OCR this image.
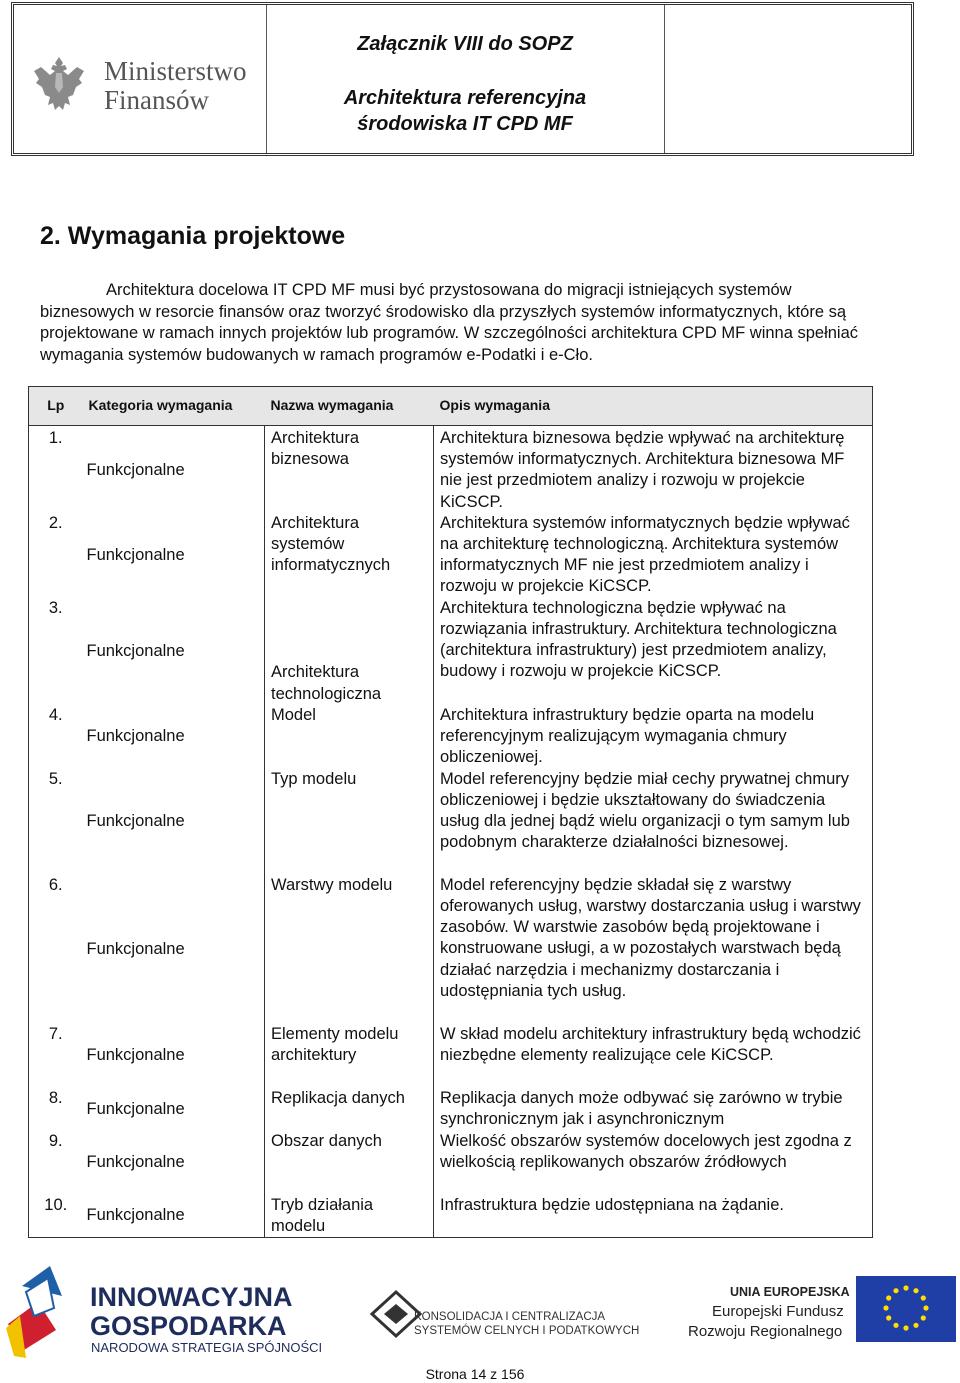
Ministerstwo
Finansów
Załącznik VIII do SOPZ
Architektura referencyjna
środowiska IT CPD MF
2. Wymagania projektowe

Architektura docelowa IT CPD MF musi być przystosowana do migracji istniejących systemów biznesowych w resorcie finansów oraz tworzyć środowisko dla przyszłych systemów informatycznych, które są projektowane w ramach innych projektów lub programów. W szczególności architektura CPD MF winna spełniać wymagania systemów budowanych w ramach programów e-Podatki i e-Cło.

Lp	Kategoria wymagania	Nazwa wymagania	Opis wymagania
1.	Funkcjonalne	Architektura biznesowa	Architektura biznesowa będzie wpływać na architekturę systemów informatycznych. Architektura biznesowa MF nie jest przedmiotem analizy i rozwoju w projekcie KiCSCP.
2.	Funkcjonalne	Architektura systemów informatycznych	Architektura systemów informatycznych będzie wpływać na architekturę technologiczną. Architektura systemów informatycznych MF nie jest przedmiotem analizy i rozwoju w projekcie KiCSCP.
3.	Funkcjonalne	Architektura technologiczna	Architektura technologiczna będzie wpływać na rozwiązania infrastruktury. Architektura technologiczna (architektura infrastruktury) jest przedmiotem analizy, budowy i rozwoju w projekcie KiCSCP.
4.	Funkcjonalne	Model	Architektura infrastruktury będzie oparta na modelu referencyjnym realizującym wymagania chmury obliczeniowej.
5.	Funkcjonalne	Typ modelu	Model referencyjny będzie miał cechy prywatnej chmury obliczeniowej i będzie ukształtowany do świadczenia usług dla jednej bądź wielu organizacji o tym samym lub podobnym charakterze działalności biznesowej.
6.	Funkcjonalne	Warstwy modelu	Model referencyjny będzie składał się z warstwy oferowanych usług, warstwy dostarczania usług i warstwy zasobów. W warstwie zasobów będą projektowane i konstruowane usługi, a w pozostałych warstwach będą działać narzędzia i mechanizmy dostarczania i udostępniania tych usług.
7.	Funkcjonalne	Elementy modelu architektury	W skład modelu architektury infrastruktury będą wchodzić niezbędne elementy realizujące cele KiCSCP.
8.	Funkcjonalne	Replikacja danych	Replikacja danych może odbywać się zarówno w trybie synchronicznym jak i asynchronicznym
9.	Funkcjonalne	Obszar danych	Wielkość obszarów systemów docelowych jest zgodna z wielkością replikowanych obszarów źródłowych
10.	Funkcjonalne	Tryb działania modelu	Infrastruktura będzie udostępniana na żądanie.
INNOWACYJNA
GOSPODARKA
NARODOWA STRATEGIA SPÓJNOŚCI
KONSOLIDACJA I CENTRALIZACJA
SYSTEMÓW CELNYCH I PODATKOWYCH
UNIA EUROPEJSKA
Europejski Fundusz
Rozwoju Regionalnego
Strona 14 z 156
